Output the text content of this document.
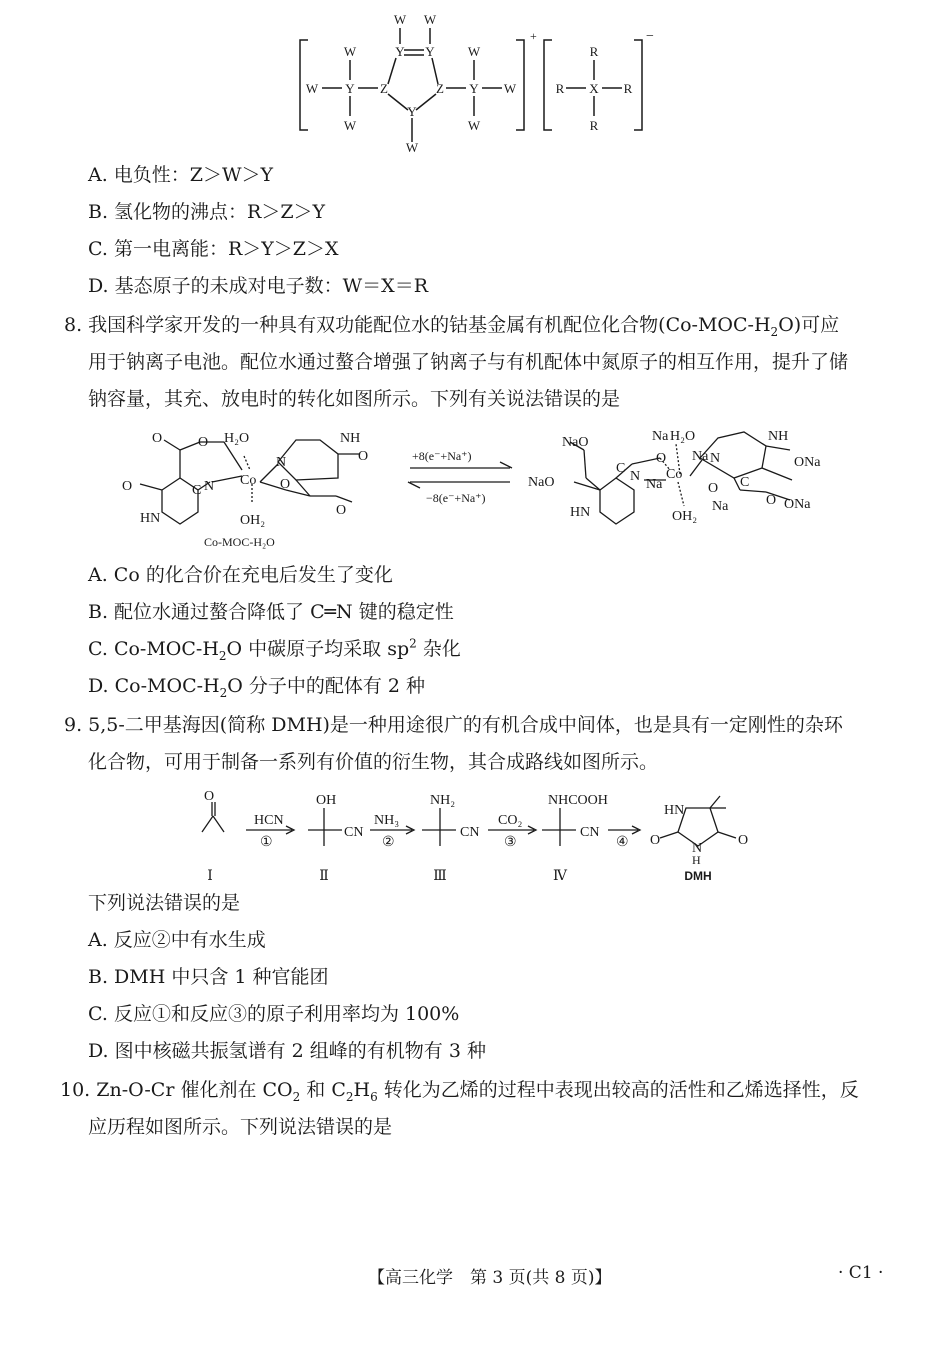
W Y
W
W
Z
Y Y
W W
Z
Y
W
Y
W
W
W
+
R X
R
R
R
−
A. 电负性：Z＞W＞Y
B. 氢化物的沸点：R＞Z＞Y
C. 第一电离能：R＞Y＞Z＞X
D. 基态原子的未成对电子数：W＝X＝R
8. 我国科学家开发的一种具有双功能配位水的钴基金属有机配位化合物$(Co-MOC-H_2O)$可应
用于钠离子电池。配位水通过螯合增强了钠离子与有机配体中氮原子的相互作用，提升了储
钠容量，其充、放电时的转化如图所示。下列有关说法错误的是
O	O
C N
O
HN
H₂O
Co
OH₂
O
O
N
NH
O
Co-MOC-H₂O
+8(e⁻+Na⁺)
−8(e⁻+Na⁺)
NaO
NaO
HN
C
N
Na
O
H₂O
Co
Na
Na N
O
OH₂
Na
NH
ONa
C
O ONa
A. Co 的化合价在充电后发生了变化
B. 配位水通过螯合降低了 C═N 键的稳定性
C. $Co-MOC-H_2O$ 中碳原子均采取 $sp^2$ 杂化
D. $Co-MOC-H_2O$ 分子中的配体有 2 种
9. 5,5-二甲基海因(简称 DMH)是一种用途很广的有机合成中间体，也是具有一定刚性的杂环
化合物，可用于制备一系列有价值的衍生物，其合成路线如图所示。
O
HCN
①
OH
CN
NH₃
②
NH₂
CN
CO₂
③
NHCOOH
CN
④
HN
O	O
N
H
Ⅰ	Ⅱ	Ⅲ	Ⅳ	DMH
下列说法错误的是
A. 反应②中有水生成
B. DMH 中只含 1 种官能团
C. 反应①和反应③的原子利用率均为 100%
D. 图中核磁共振氢谱有 2 组峰的有机物有 3 种
10. Zn-O-Cr 催化剂在 $CO_2$ 和 $C_2H_6$ 转化为乙烯的过程中表现出较高的活性和乙烯选择性，反
应历程如图所示。下列说法错误的是
【高三化学　第 3 页(共 8 页)】	· C1 ·
